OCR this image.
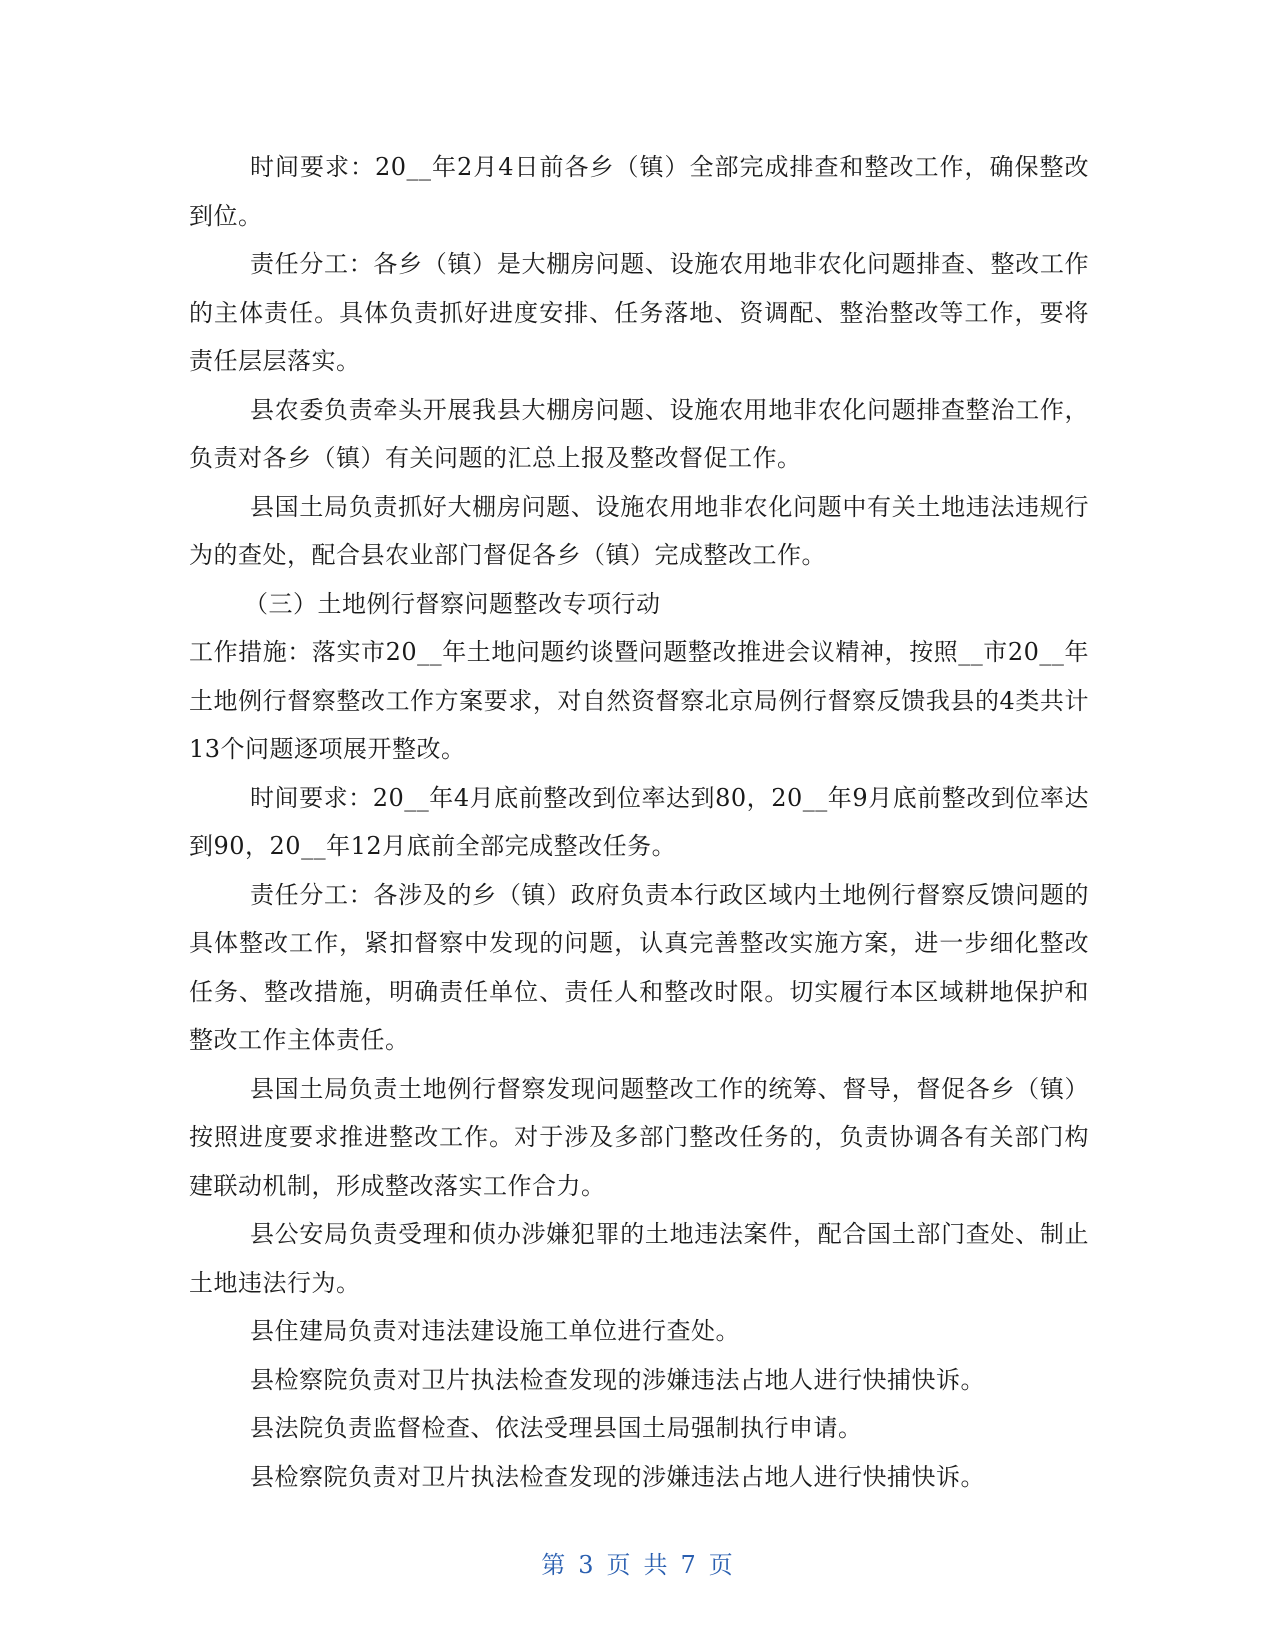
时间要求：20__年2月4日前各乡（镇）全部完成排查和整改工作，确保整改到位。

责任分工：各乡（镇）是大棚房问题、设施农用地非农化问题排查、整改工作的主体责任。具体负责抓好进度安排、任务落地、资调配、整治整改等工作，要将责任层层落实。

县农委负责牵头开展我县大棚房问题、设施农用地非农化问题排查整治工作，负责对各乡（镇）有关问题的汇总上报及整改督促工作。

县国土局负责抓好大棚房问题、设施农用地非农化问题中有关土地违法违规行为的查处，配合县农业部门督促各乡（镇）完成整改工作。

（三）土地例行督察问题整改专项行动

工作措施：落实市20__年土地问题约谈暨问题整改推进会议精神，按照__市20__年土地例行督察整改工作方案要求，对自然资督察北京局例行督察反馈我县的4类共计13个问题逐项展开整改。

时间要求：20__年4月底前整改到位率达到80，20__年9月底前整改到位率达到90，20__年12月底前全部完成整改任务。

责任分工：各涉及的乡（镇）政府负责本行政区域内土地例行督察反馈问题的具体整改工作，紧扣督察中发现的问题，认真完善整改实施方案，进一步细化整改任务、整改措施，明确责任单位、责任人和整改时限。切实履行本区域耕地保护和整改工作主体责任。

县国土局负责土地例行督察发现问题整改工作的统筹、督导，督促各乡（镇）按照进度要求推进整改工作。对于涉及多部门整改任务的，负责协调各有关部门构建联动机制，形成整改落实工作合力。

县公安局负责受理和侦办涉嫌犯罪的土地违法案件，配合国土部门查处、制止土地违法行为。

县住建局负责对违法建设施工单位进行查处。

县检察院负责对卫片执法检查发现的涉嫌违法占地人进行快捕快诉。

县法院负责监督检查、依法受理县国土局强制执行申请。

县检察院负责对卫片执法检查发现的涉嫌违法占地人进行快捕快诉。

第 3 页 共 7 页
